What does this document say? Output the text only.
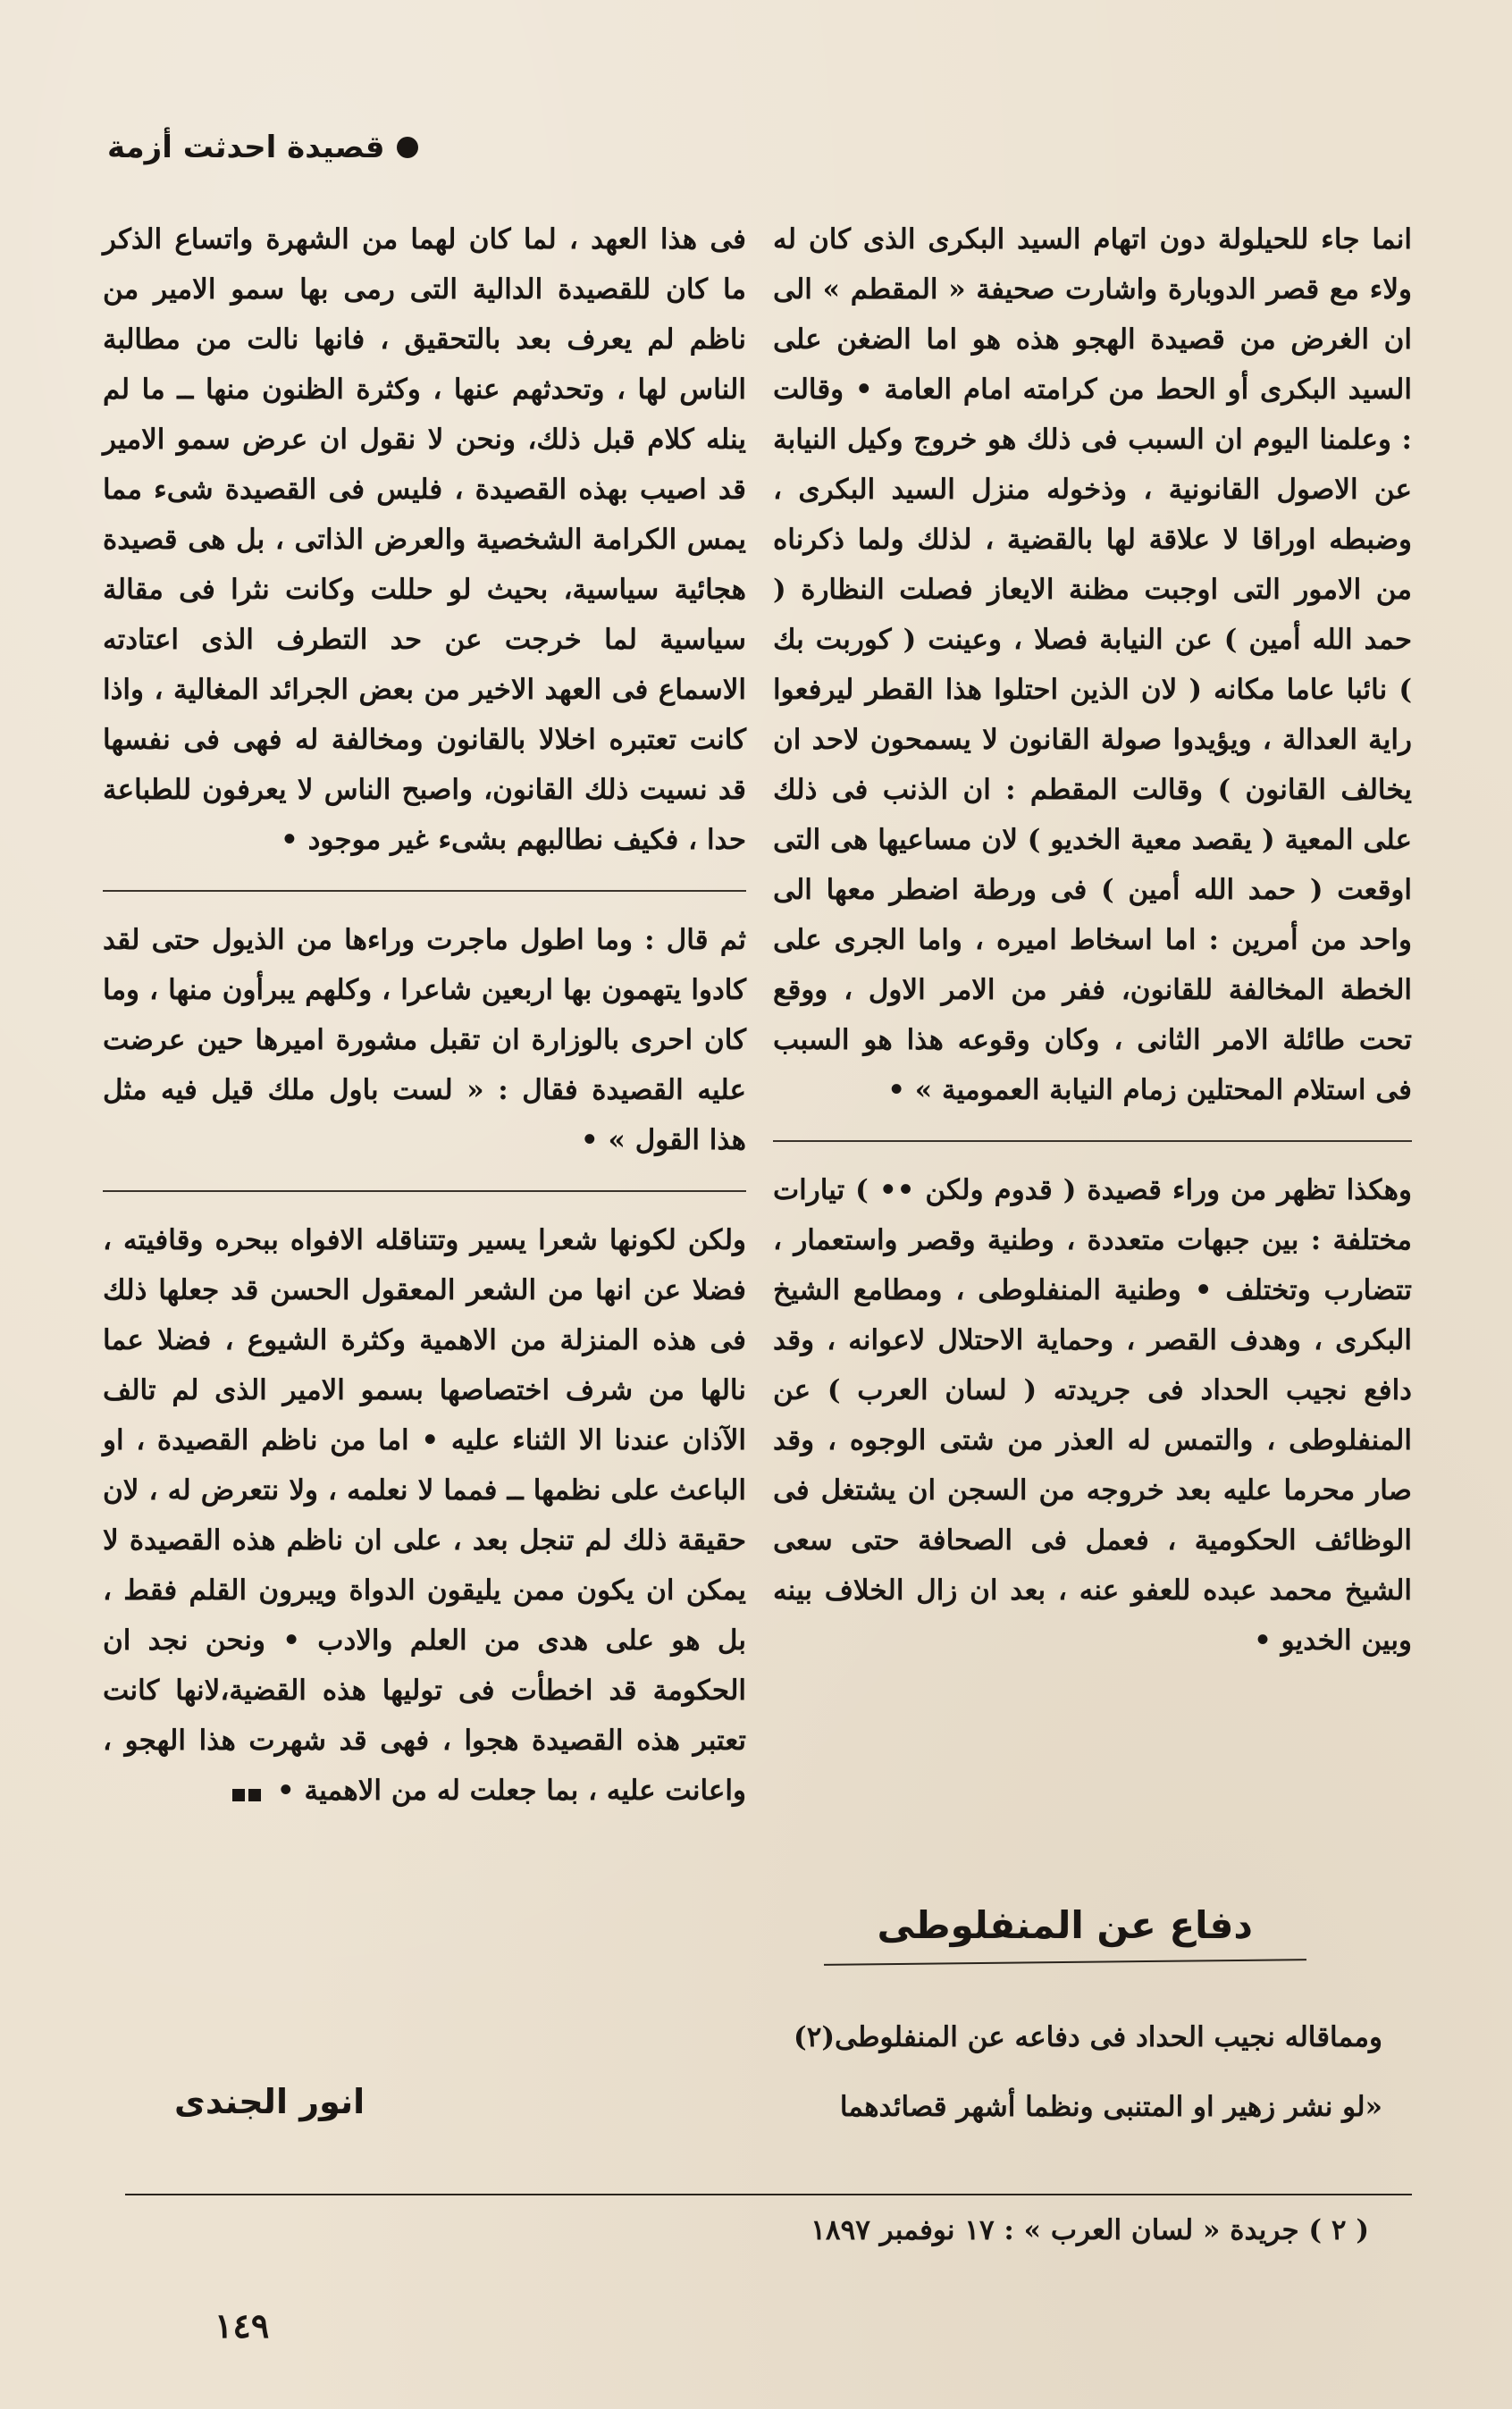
قصيدة احدثت أزمة

انما جاء للحيلولة دون اتهام السيد البكرى الذى كان له ولاء مع قصر الدوبارة واشارت صحيفة « المقطم » الى ان الغرض من قصيدة الهجو هذه هو اما الضغن على السيد البكرى أو الحط من كرامته امام العامة • وقالت : وعلمنا اليوم ان السبب فى ذلك هو خروج وكيل النيابة عن الاصول القانونية ، وذخوله منزل السيد البكرى ، وضبطه اوراقا لا علاقة لها بالقضية ، لذلك ولما ذكرناه من الامور التى اوجبت مظنة الايعاز فصلت النظارة ( حمد الله أمين ) عن النيابة فصلا ، وعينت ( كوربت بك ) نائبا عاما مكانه ( لان الذين احتلوا هذا القطر ليرفعوا راية العدالة ، ويؤيدوا صولة القانون لا يسمحون لاحد ان يخالف القانون ) وقالت المقطم : ان الذنب فى ذلك على المعية ( يقصد معية الخديو ) لان مساعيها هى التى اوقعت ( حمد الله أمين ) فى ورطة اضطر معها الى واحد من أمرين : اما اسخاط اميره ، واما الجرى على الخطة المخالفة للقانون، ففر من الامر الاول ، ووقع تحت طائلة الامر الثانى ، وكان وقوعه هذا هو السبب فى استلام المحتلين زمام النيابة العمومية » •

وهكذا تظهر من وراء قصيدة ( قدوم ولكن •• ) تيارات مختلفة : بين جبهات متعددة ، وطنية وقصر واستعمار ، تتضارب وتختلف • وطنية المنفلوطى ، ومطامع الشيخ البكرى ، وهدف القصر ، وحماية الاحتلال لاعوانه ، وقد دافع نجيب الحداد فى جريدته ( لسان العرب ) عن المنفلوطى ، والتمس له العذر من شتى الوجوه ، وقد صار محرما عليه بعد خروجه من السجن ان يشتغل فى الوظائف الحكومية ، فعمل فى الصحافة حتى سعى الشيخ محمد عبده للعفو عنه ، بعد ان زال الخلاف بينه وبين الخديو •

فى هذا العهد ، لما كان لهما من الشهرة واتساع الذكر ما كان للقصيدة الدالية التى رمى بها سمو الامير من ناظم لم يعرف بعد بالتحقيق ، فانها نالت من مطالبة الناس لها ، وتحدثهم عنها ، وكثرة الظنون منها ــ ما لم ينله كلام قبل ذلك، ونحن لا نقول ان عرض سمو الامير قد اصيب بهذه القصيدة ، فليس فى القصيدة شىء مما يمس الكرامة الشخصية والعرض الذاتى ، بل هى قصيدة هجائية سياسية، بحيث لو حللت وكانت نثرا فى مقالة سياسية لما خرجت عن حد التطرف الذى اعتادته الاسماع فى العهد الاخير من بعض الجرائد المغالية ، واذا كانت تعتبره اخلالا بالقانون ومخالفة له فهى فى نفسها قد نسيت ذلك القانون، واصبح الناس لا يعرفون للطباعة حدا ، فكيف نطالبهم بشىء غير موجود •

ثم قال : وما اطول ماجرت وراءها من الذيول حتى لقد كادوا يتهمون بها اربعين شاعرا ، وكلهم يبرأون منها ، وما كان احرى بالوزارة ان تقبل مشورة اميرها حين عرضت عليه القصيدة فقال : « لست باول ملك قيل فيه مثل هذا القول » •

ولكن لكونها شعرا يسير وتتناقله الافواه ببحره وقافيته ، فضلا عن انها من الشعر المعقول الحسن قد جعلها ذلك فى هذه المنزلة من الاهمية وكثرة الشيوع ، فضلا عما نالها من شرف اختصاصها بسمو الامير الذى لم تالف الآذان عندنا الا الثناء عليه • اما من ناظم القصيدة ، او الباعث على نظمها ــ فمما لا نعلمه ، ولا نتعرض له ، لان حقيقة ذلك لم تنجل بعد ، على ان ناظم هذه القصيدة لا يمكن ان يكون ممن يليقون الدواة ويبرون القلم فقط ، بل هو على هدى من العلم والادب • ونحن نجد ان الحكومة قد اخطأت فى توليها هذه القضية،لانها كانت تعتبر هذه القصيدة هجوا ، فهى قد شهرت هذا الهجو ، واعانت عليه ، بما جعلت له من الاهمية •

دفاع عن المنفلوطى
ومماقاله نجيب الحداد فى دفاعه عن المنفلوطى(٢)
«لو نشر زهير او المتنبى ونظما أشهر قصائدهما
انور الجندى
( ٢ ) جريدة « لسان العرب » : ١٧ نوفمبر ١٨٩٧
١٤٩
